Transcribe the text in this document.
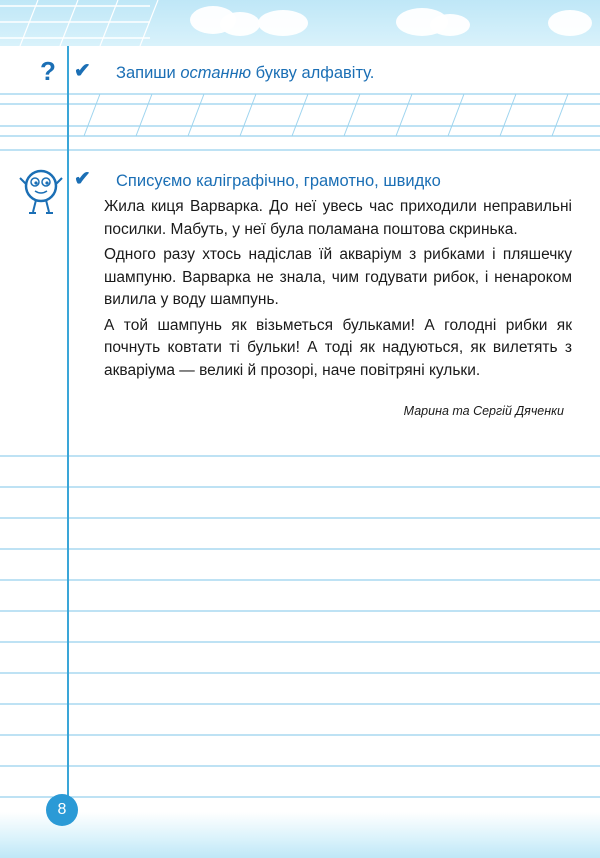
? ✔ Запиши останню букву алфавіту.
✔ Списуємо каліграфічно, грамотно, швидко

Жила киця Варварка. До неї увесь час приходили неправильні посилки. Мабуть, у неї була поламана поштова скринька.

Одного разу хтось надіслав їй акваріум з рибками і пляшечку шампуню. Варварка не знала, чим годувати рибок, і ненароком вилила у воду шампунь.

А той шампунь як візьметься бульками! А голодні рибки як почнуть ковтати ті бульки! А тоді як надуються, як вилетять з акваріума — великі й прозорі, наче повітряні кульки.

Марина та Сергій Дяченки
8
